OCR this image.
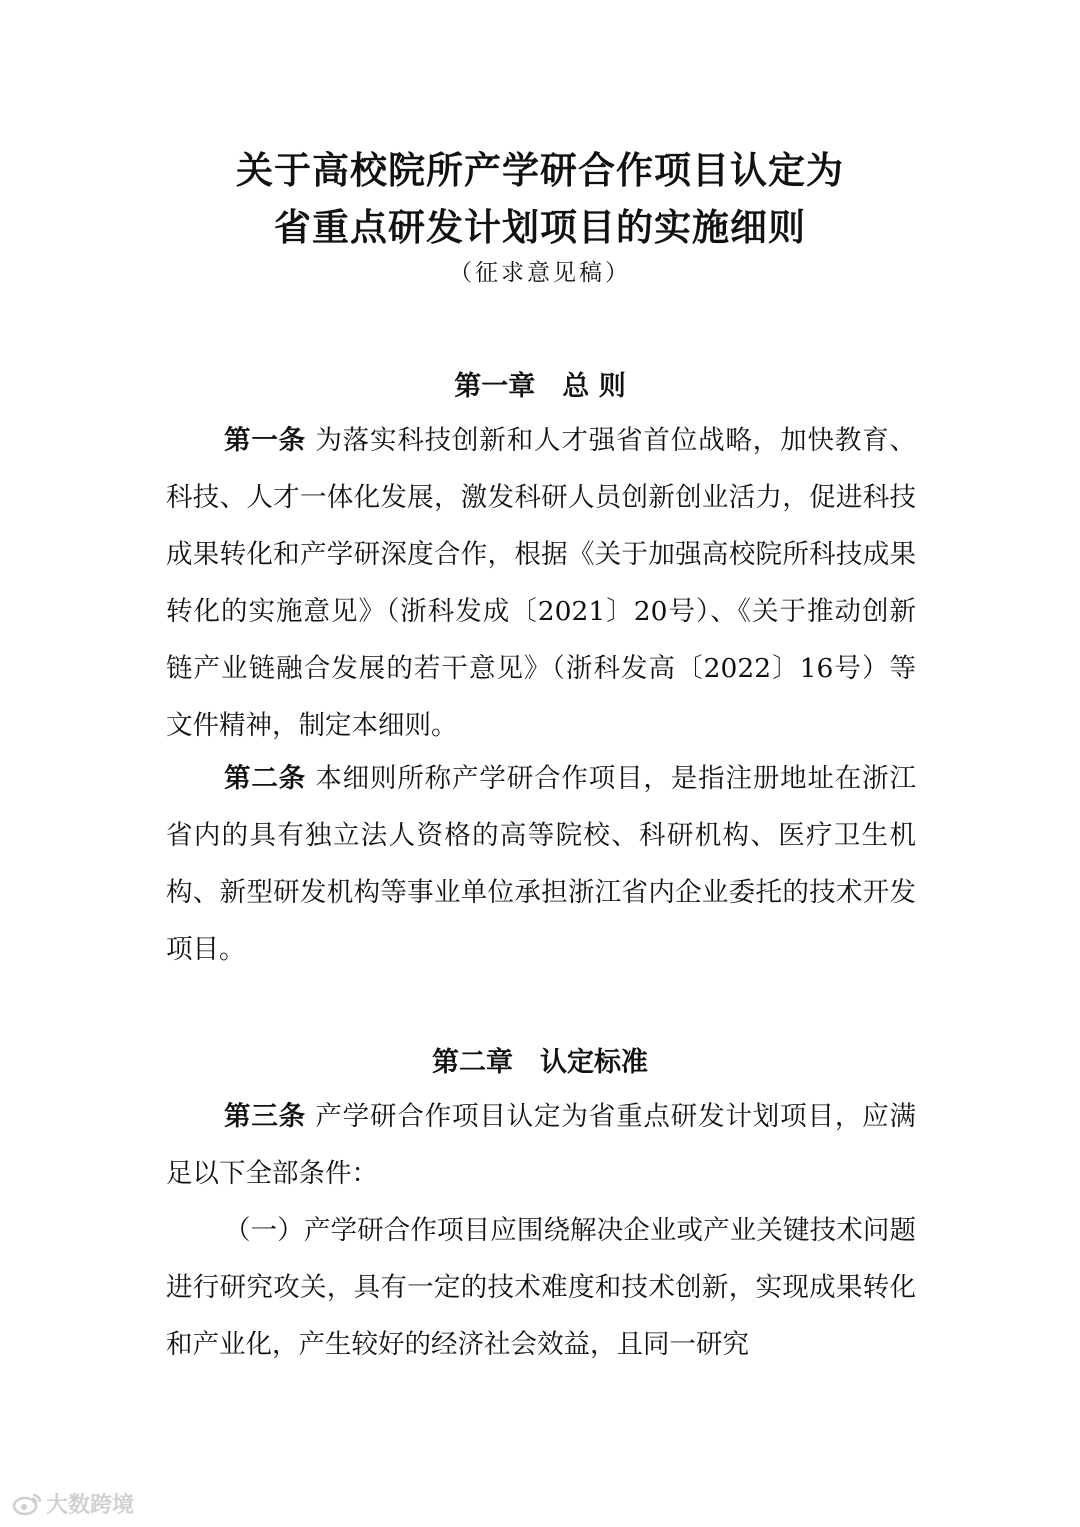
关于高校院所产学研合作项目认定为
省重点研发计划项目的实施细则
（征求意见稿）
第一章　总 则

第一条 为落实科技创新和人才强省首位战略，加快教育、科技、人才一体化发展，激发科研人员创新创业活力，促进科技成果转化和产学研深度合作，根据《关于加强高校院所科技成果转化的实施意见》（浙科发成〔2021〕20号）、《关于推动创新链产业链融合发展的若干意见》（浙科发高〔2022〕16号）等文件精神，制定本细则。

第二条 本细则所称产学研合作项目，是指注册地址在浙江省内的具有独立法人资格的高等院校、科研机构、医疗卫生机构、新型研发机构等事业单位承担浙江省内企业委托的技术开发项目。

第二章　认定标准

第三条 产学研合作项目认定为省重点研发计划项目，应满足以下全部条件：

（一）产学研合作项目应围绕解决企业或产业关键技术问题进行研究攻关，具有一定的技术难度和技术创新，实现成果转化和产业化，产生较好的经济社会效益，且同一研究

大数跨境
